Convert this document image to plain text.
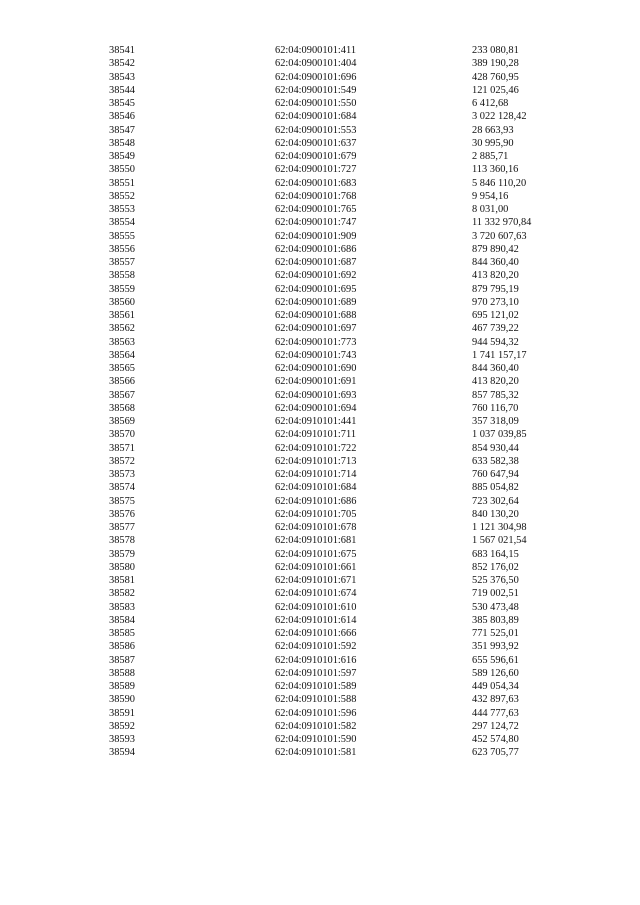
38541	62:04:0900101:411	233 080,81
38542	62:04:0900101:404	389 190,28
38543	62:04:0900101:696	428 760,95
38544	62:04:0900101:549	121 025,46
38545	62:04:0900101:550	6 412,68
38546	62:04:0900101:684	3 022 128,42
38547	62:04:0900101:553	28 663,93
38548	62:04:0900101:637	30 995,90
38549	62:04:0900101:679	2 885,71
38550	62:04:0900101:727	113 360,16
38551	62:04:0900101:683	5 846 110,20
38552	62:04:0900101:768	9 954,16
38553	62:04:0900101:765	8 031,00
38554	62:04:0900101:747	11 332 970,84
38555	62:04:0900101:909	3 720 607,63
38556	62:04:0900101:686	879 890,42
38557	62:04:0900101:687	844 360,40
38558	62:04:0900101:692	413 820,20
38559	62:04:0900101:695	879 795,19
38560	62:04:0900101:689	970 273,10
38561	62:04:0900101:688	695 121,02
38562	62:04:0900101:697	467 739,22
38563	62:04:0900101:773	944 594,32
38564	62:04:0900101:743	1 741 157,17
38565	62:04:0900101:690	844 360,40
38566	62:04:0900101:691	413 820,20
38567	62:04:0900101:693	857 785,32
38568	62:04:0900101:694	760 116,70
38569	62:04:0910101:441	357 318,09
38570	62:04:0910101:711	1 037 039,85
38571	62:04:0910101:722	854 930,44
38572	62:04:0910101:713	633 582,38
38573	62:04:0910101:714	760 647,94
38574	62:04:0910101:684	885 054,82
38575	62:04:0910101:686	723 302,64
38576	62:04:0910101:705	840 130,20
38577	62:04:0910101:678	1 121 304,98
38578	62:04:0910101:681	1 567 021,54
38579	62:04:0910101:675	683 164,15
38580	62:04:0910101:661	852 176,02
38581	62:04:0910101:671	525 376,50
38582	62:04:0910101:674	719 002,51
38583	62:04:0910101:610	530 473,48
38584	62:04:0910101:614	385 803,89
38585	62:04:0910101:666	771 525,01
38586	62:04:0910101:592	351 993,92
38587	62:04:0910101:616	655 596,61
38588	62:04:0910101:597	589 126,60
38589	62:04:0910101:589	449 054,34
38590	62:04:0910101:588	432 897,63
38591	62:04:0910101:596	444 777,63
38592	62:04:0910101:582	297 124,72
38593	62:04:0910101:590	452 574,80
38594	62:04:0910101:581	623 705,77
